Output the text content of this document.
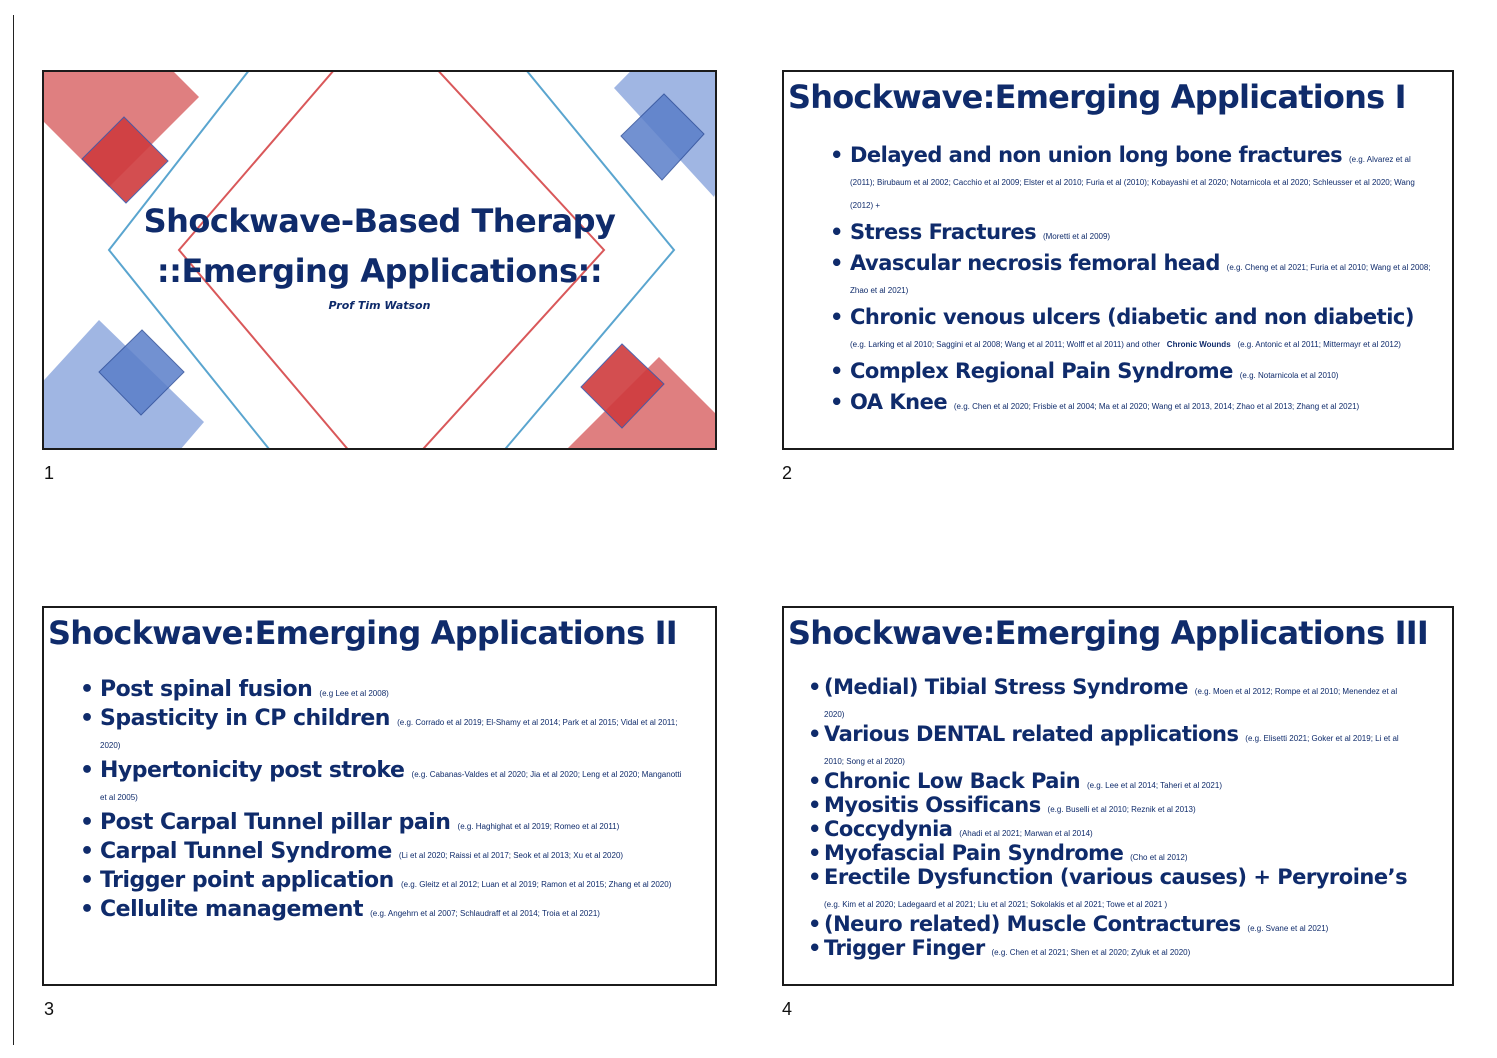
Shockwave-Based Therapy
::Emerging Applications::
Prof Tim Watson
1
Shockwave:Emerging Applications I
• Delayed and non union long bone fractures (e.g. Alvarez et al (2011); Birubaum et al 2002; Cacchio et al 2009; Elster et al 2010; Furia et al (2010); Kobayashi et al 2020; Notarnicola et al 2020; Schleusser et al 2020; Wang (2012) +
• Stress Fractures (Moretti et al 2009)
• Avascular necrosis femoral head (e.g. Cheng et al 2021; Furia et al 2010; Wang et al 2008; Zhao et al 2021)
• Chronic venous ulcers (diabetic and non diabetic)
(e.g. Larking et al 2010; Saggini et al 2008; Wang et al 2011; Wolff et al 2011) and other Chronic Wounds (e.g. Antonic et al 2011; Mittermayr et al 2012)
• Complex Regional Pain Syndrome (e.g. Notarnicola et al 2010)
• OA Knee (e.g. Chen et al 2020; Frisbie et al 2004; Ma et al 2020; Wang et al 2013, 2014; Zhao et al 2013; Zhang et al 2021)
2
Shockwave:Emerging Applications II
• Post spinal fusion (e.g Lee et al 2008)
• Spasticity in CP children (e.g. Corrado et al 2019; El-Shamy et al 2014; Park et al 2015; Vidal et al 2011; 2020)
• Hypertonicity post stroke (e.g. Cabanas-Valdes et al 2020; Jia et al 2020; Leng et al 2020; Manganotti et al 2005)
• Post Carpal Tunnel pillar pain (e.g. Haghighat et al 2019; Romeo et al 2011)
• Carpal Tunnel Syndrome (Li et al 2020; Raissi et al 2017; Seok et al 2013; Xu et al 2020)
• Trigger point application (e.g. Gleitz et al 2012; Luan et al 2019; Ramon et al 2015; Zhang et al 2020)
• Cellulite management (e.g. Angehrn et al 2007; Schlaudraff et al 2014; Troia et al 2021)
3
Shockwave:Emerging Applications III
• (Medial) Tibial Stress Syndrome (e.g. Moen et al 2012; Rompe et al 2010; Menendez et al 2020)
• Various DENTAL related applications (e.g. Elisetti 2021; Goker et al 2019; Li et al 2010; Song et al 2020)
• Chronic Low Back Pain (e.g. Lee et al 2014; Taheri et al 2021)
• Myositis Ossificans (e.g. Buselli et al 2010; Reznik et al 2013)
• Coccydynia (Ahadi et al 2021; Marwan et al 2014)
• Myofascial Pain Syndrome (Cho et al 2012)
• Erectile Dysfunction (various causes) + Peryroine’s
(e.g. Kim et al 2020; Ladegaard et al 2021; Liu et al 2021; Sokolakis et al 2021; Towe et al 2021 )
• (Neuro related) Muscle Contractures (e.g. Svane et al 2021)
• Trigger Finger (e.g. Chen et al 2021; Shen et al 2020; Zyluk et al 2020)
4
